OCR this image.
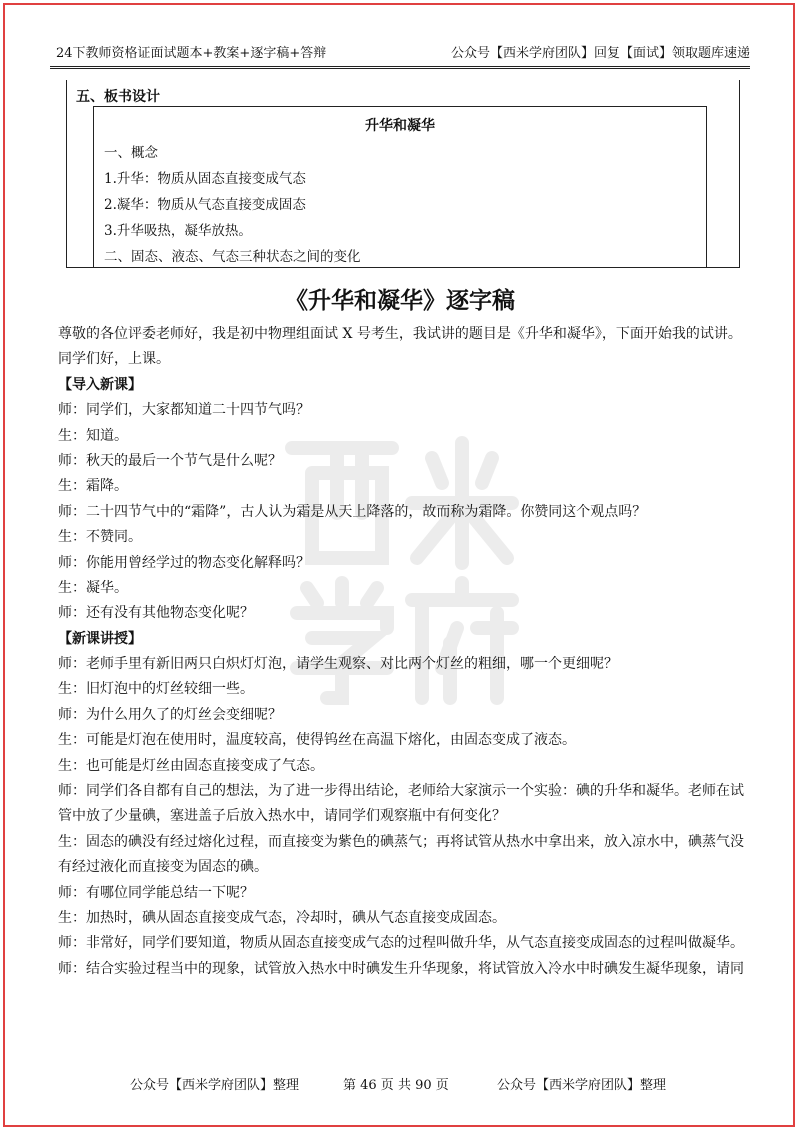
24下教师资格证面试题本+教案+逐字稿+答辩	公众号【西米学府团队】回复【面试】领取题库速递
五、板书设计
升华和凝华
一、概念
1.升华：物质从固态直接变成气态
2.凝华：物质从气态直接变成固态
3.升华吸热，凝华放热。
二、固态、液态、气态三种状态之间的变化
《升华和凝华》逐字稿
尊敬的各位评委老师好，我是初中物理组面试 X 号考生，我试讲的题目是《升华和凝华》，下面开始我的试讲。
同学们好，上课。
【导入新课】
师：同学们，大家都知道二十四节气吗？
生：知道。
师：秋天的最后一个节气是什么呢？
生：霜降。
师：二十四节气中的“霜降”，古人认为霜是从天上降落的，故而称为霜降。你赞同这个观点吗？
生：不赞同。
师：你能用曾经学过的物态变化解释吗？
生：凝华。
师：还有没有其他物态变化呢？
【新课讲授】
师：老师手里有新旧两只白炽灯灯泡，请学生观察、对比两个灯丝的粗细，哪一个更细呢？
生：旧灯泡中的灯丝较细一些。
师：为什么用久了的灯丝会变细呢？
生：可能是灯泡在使用时，温度较高，使得钨丝在高温下熔化，由固态变成了液态。
生：也可能是灯丝由固态直接变成了气态。
师：同学们各自都有自己的想法，为了进一步得出结论，老师给大家演示一个实验：碘的升华和凝华。老师在试
管中放了少量碘，塞进盖子后放入热水中，请同学们观察瓶中有何变化？
生：固态的碘没有经过熔化过程，而直接变为紫色的碘蒸气；再将试管从热水中拿出来，放入凉水中，碘蒸气没
有经过液化而直接变为固态的碘。
师：有哪位同学能总结一下呢？
生：加热时，碘从固态直接变成气态，冷却时，碘从气态直接变成固态。
师：非常好，同学们要知道，物质从固态直接变成气态的过程叫做升华，从气态直接变成固态的过程叫做凝华。
师：结合实验过程当中的现象，试管放入热水中时碘发生升华现象，将试管放入冷水中时碘发生凝华现象，请同
公众号【西米学府团队】整理	第 46 页 共 90 页	公众号【西米学府团队】整理
